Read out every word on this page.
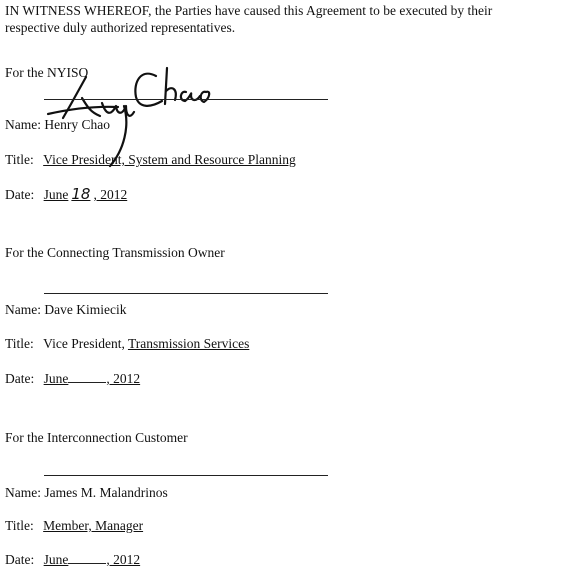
IN WITNESS WHEREOF, the Parties have caused this Agreement to be executed by their
respective duly authorized representatives.
For the NYISO
Name: Henry Chao
Title: Vice President, System and Resource Planning
Date: June 18 , 2012
For the Connecting Transmission Owner
Name: Dave Kimiecik
Title: Vice President, Transmission Services
Date: June	, 2012
For the Interconnection Customer
Name: James M. Malandrinos
Title: Member, Manager
Date: June	, 2012
